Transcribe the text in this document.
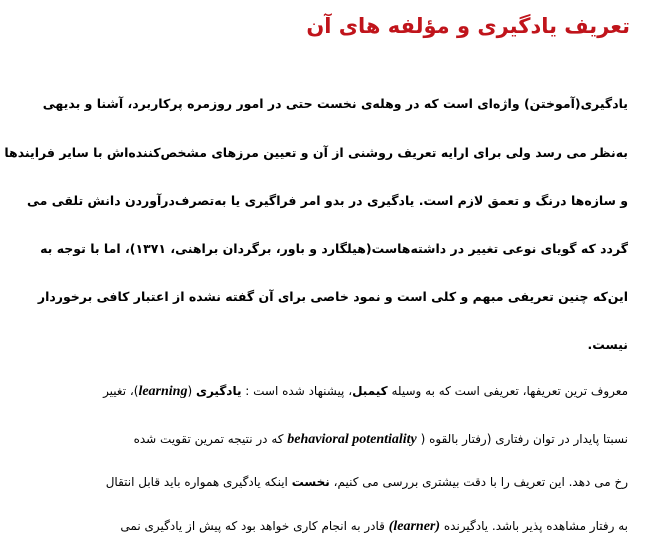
تعریف یادگیری و مؤلفه های آن
یادگیری(آموختن) واژه‌ای است که در وهله‌ی نخست حتی در امور روزمره پرکاربرد، آشنا و بدیهی
به‌نظر می رسد ولی برای ارایه تعریف روشنی از آن و تعیین مرزهای مشخص‌کننده‌اش با سایر فرایندها
و سازه‌ها درنگ و تعمق لازم است. یادگیری در بدو امر فراگیری یا به‌تصرف‌درآوردن دانش تلقی می
گردد که گویای نوعی تغییر در داشته‌هاست(هیلگارد و باور، برگردان براهنی، ۱۳۷۱)، اما با توجه به
این‌که چنین تعریفی مبهم و کلی است و نمود خاصی برای آن گفته نشده از اعتبار کافی برخوردار
نیست.
معروف ترین تعریفها، تعریفی است که به وسیله کیمبل، پیشنهاد شده است : یادگیری (learning)، تغییر
نسبتا پایدار در توان رفتاری (رفتار بالقوه ( behavioral potentiality که در نتیجه تمرین تقویت شده
رخ می دهد. این تعریف را با دقت بیشتری بررسی می کنیم، نخست اینکه یادگیری همواره باید قابل انتقال
به رفتار مشاهده پذیر باشد. یادگیرنده (learner) قادر به انجام کاری خواهد بود که پیش از یادگیری نمی
